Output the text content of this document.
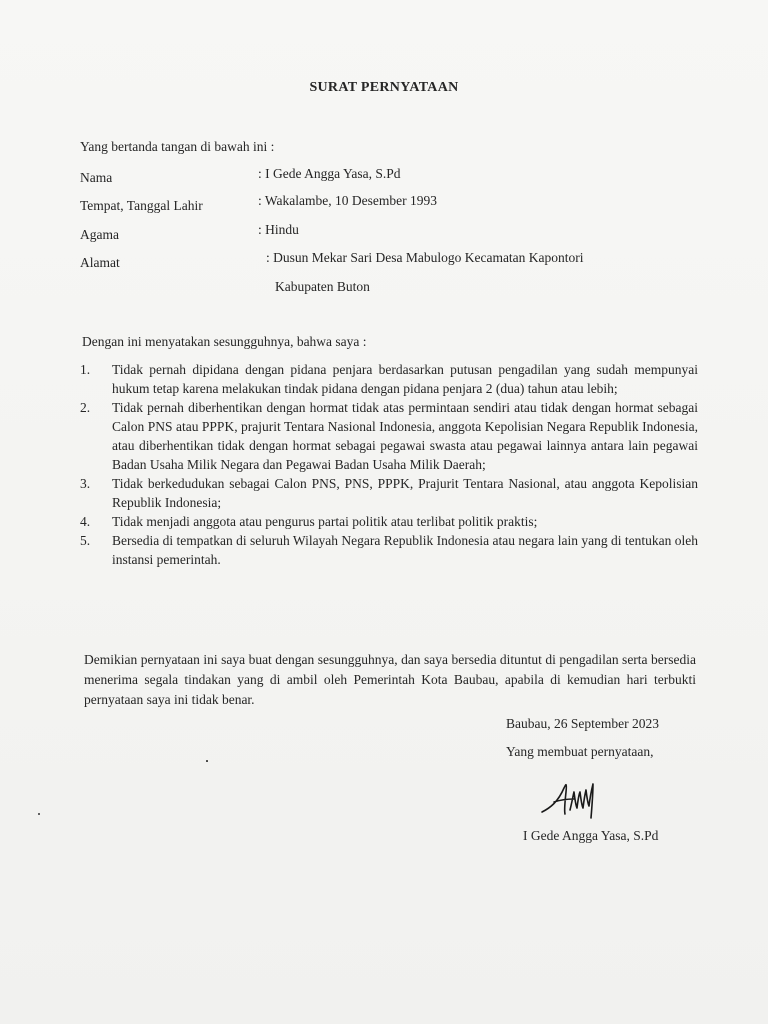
SURAT PERNYATAAN
Yang bertanda tangan di bawah ini :
Nama	: I Gede Angga Yasa, S.Pd
Tempat, Tanggal Lahir	: Wakalambe, 10 Desember 1993
Agama	: Hindu
Alamat	: Dusun Mekar Sari Desa Mabulogo Kecamatan Kapontori
Kabupaten Buton
Dengan ini menyatakan sesungguhnya, bahwa saya :
1.	Tidak pernah dipidana dengan pidana penjara berdasarkan putusan pengadilan yang sudah mempunyai hukum tetap karena melakukan tindak pidana dengan pidana penjara 2 (dua) tahun atau lebih;
2.	Tidak pernah diberhentikan dengan hormat tidak atas permintaan sendiri atau tidak dengan hormat sebagai Calon PNS atau PPPK, prajurit Tentara Nasional Indonesia, anggota Kepolisian Negara Republik Indonesia, atau diberhentikan tidak dengan hormat sebagai pegawai swasta atau pegawai lainnya antara lain pegawai Badan Usaha Milik Negara dan Pegawai Badan Usaha Milik Daerah;
3.	Tidak berkedudukan sebagai Calon PNS, PNS, PPPK, Prajurit Tentara Nasional, atau anggota Kepolisian Republik Indonesia;
4.	Tidak menjadi anggota atau pengurus partai politik atau terlibat politik praktis;
5.	Bersedia di tempatkan di seluruh Wilayah Negara Republik Indonesia atau negara lain yang di tentukan oleh instansi pemerintah.
Demikian pernyataan ini saya buat dengan sesungguhnya, dan saya bersedia dituntut di pengadilan serta bersedia menerima segala tindakan yang di ambil oleh Pemerintah Kota Baubau, apabila di kemudian hari terbukti pernyataan saya ini tidak benar.
Baubau, 26 September 2023
Yang membuat pernyataan,
I Gede Angga Yasa, S.Pd
